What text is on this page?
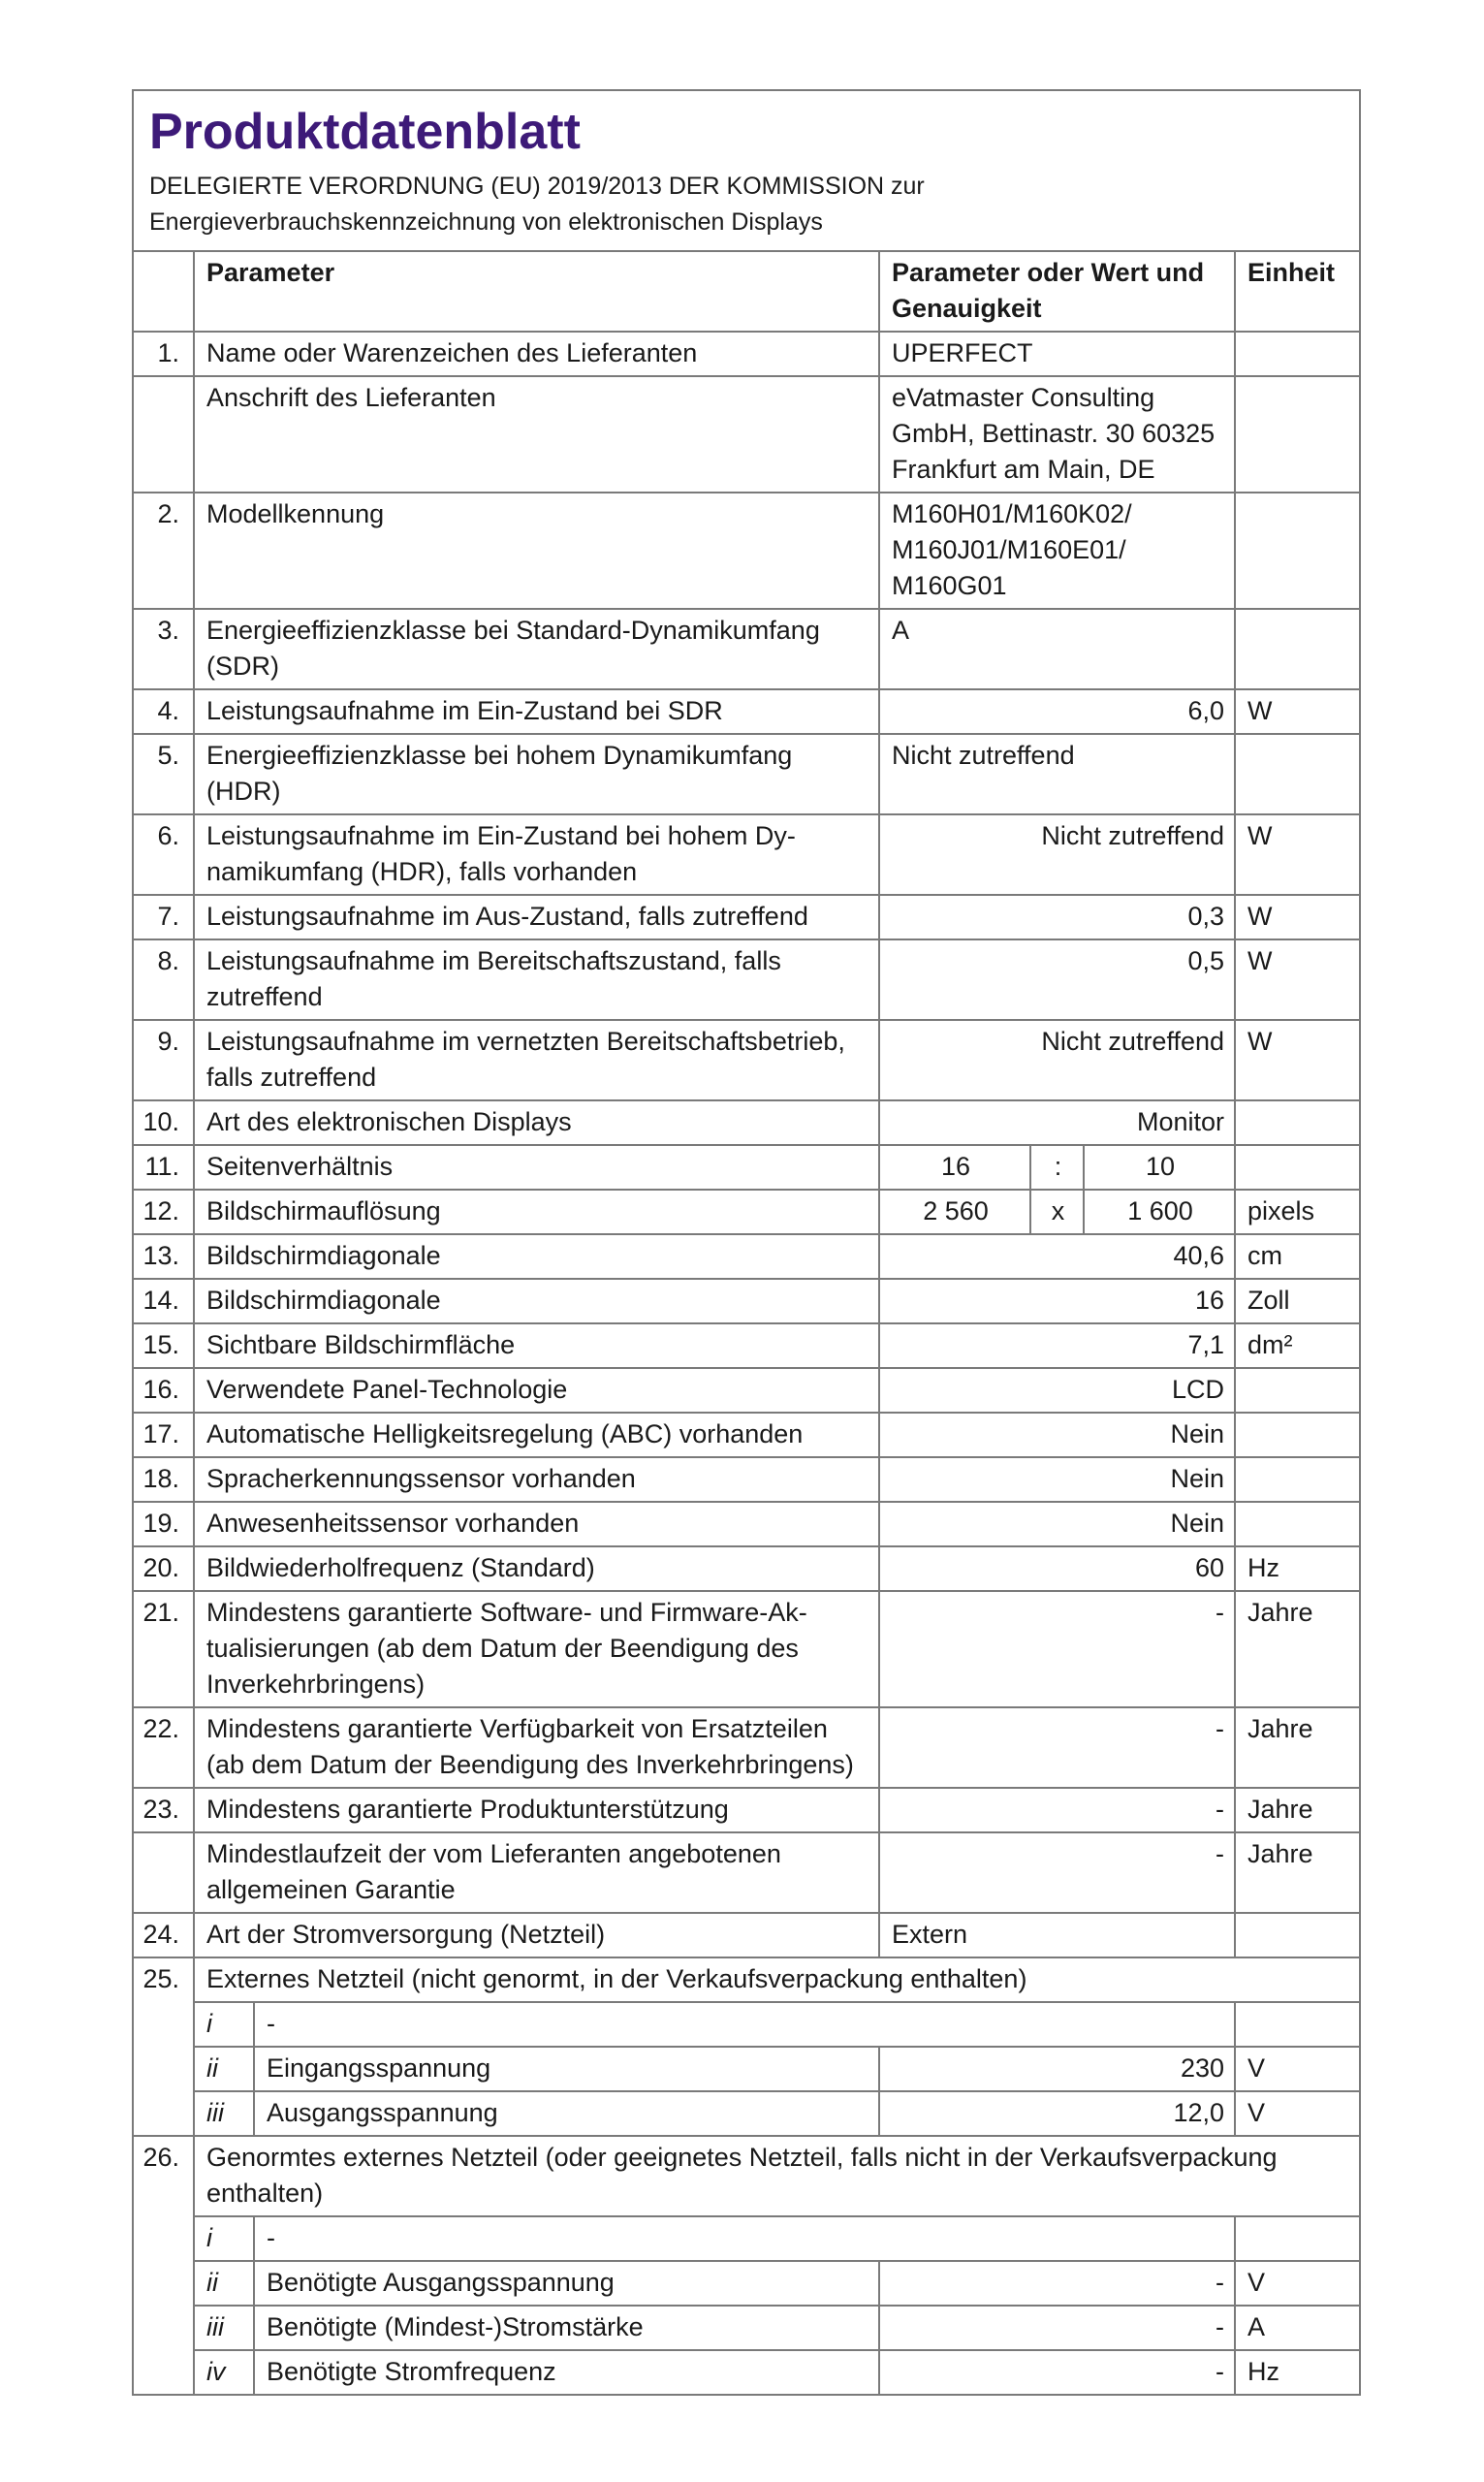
Produktdatenblatt
DELEGIERTE VERORDNUNG (EU) 2019/2013 DER KOMMISSION zur
Energieverbrauchskennzeichnung von elektronischen Displays
	Parameter		Parameter oder Wert und Genauigkeit			Einheit
1.	Name oder Warenzeichen des Lieferanten		UPERFECT			
	Anschrift des Lieferanten		eVatmaster Consulting GmbH, Bettinastr. 30 60325 Frankfurt am Main, DE			
2.	Modellkennung		M160H01/M160K02/ M160J01/M160E01/ M160G01			
3.	Energieeffizienzklasse bei Standard-Dynamikumfang (SDR)		A			
4.	Leistungsaufnahme im Ein-Zustand bei SDR		6,0			W
5.	Energieeffizienzklasse bei hohem Dynamikumfang (HDR)		Nicht zutreffend			
6.	Leistungsaufnahme im Ein-Zustand bei hohem Dynamikumfang (HDR), falls vorhanden		Nicht zutreffend			W
7.	Leistungsaufnahme im Aus-Zustand, falls zutreffend		0,3			W
8.	Leistungsaufnahme im Bereitschaftszustand, falls zutreffend		0,5			W
9.	Leistungsaufnahme im vernetzten Bereitschaftsbetrieb, falls zutreffend		Nicht zutreffend			W
10.	Art des elektronischen Displays		Monitor			
11.	Seitenverhältnis		16	:	10	
12.	Bildschirmauflösung		2 560	x	1 600	pixels
13.	Bildschirmdiagonale		40,6			cm
14.	Bildschirmdiagonale		16			Zoll
15.	Sichtbare Bildschirmfläche		7,1			dm²
16.	Verwendete Panel-Technologie		LCD			
17.	Automatische Helligkeitsregelung (ABC) vorhanden		Nein			
18.	Spracherkennungssensor vorhanden		Nein			
19.	Anwesenheitssensor vorhanden		Nein			
20.	Bildwiederholfrequenz (Standard)		60			Hz
21.	Mindestens garantierte Software- und Firmware-Aktualisierungen (ab dem Datum der Beendigung des Inverkehrbringens)		-			Jahre
22.	Mindestens garantierte Verfügbarkeit von Ersatzteilen (ab dem Datum der Beendigung des Inverkehrbringens)		-			Jahre
23.	Mindestens garantierte Produktunterstützung		-			Jahre
	Mindestlaufzeit der vom Lieferanten angebotenen allgemeinen Garantie		-			Jahre
24.	Art der Stromversorgung (Netzteil)		Extern			
25.	Externes Netzteil (nicht genormt, in der Verkaufsverpackung enthalten)					
	i	-				
	ii	Eingangsspannung	230			V
	iii	Ausgangsspannung	12,0			V
26.	Genormtes externes Netzteil (oder geeignetes Netzteil, falls nicht in der Verkaufsverpackung enthalten)					
	i	-				
	ii	Benötigte Ausgangsspannung	-			V
	iii	Benötigte (Mindest-)Stromstärke	-			A
	iv	Benötigte Stromfrequenz	-			Hz
